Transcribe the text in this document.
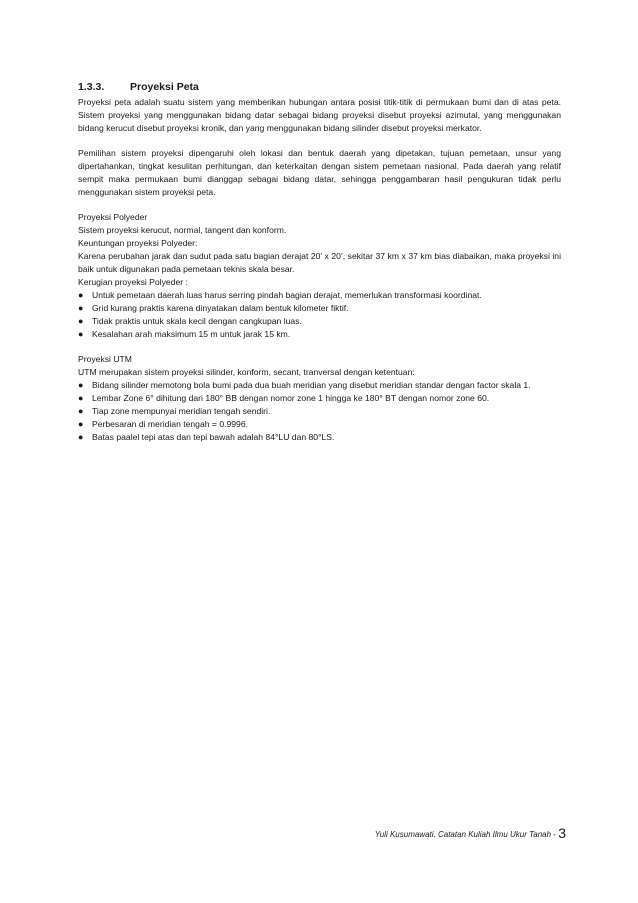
1.3.3. Proyeksi Peta

Proyeksi peta adalah suatu sistem yang memberikan hubungan antara posisi titik-titik di permukaan bumi dan di atas peta. Sistem proyeksi yang menggunakan bidang datar sebagai bidang proyeksi disebut proyeksi azimutal, yang menggunakan bidang kerucut disebut proyeksi kronik, dan yang menggunakan bidang silinder disebut proyeksi merkator.

Pemilihan sistem proyeksi dipengaruhi oleh lokasi dan bentuk daerah yang dipetakan, tujuan pemetaan, unsur yang dipertahankan, tingkat kesulitan perhitungan, dan keterkaitan dengan sistem pemetaan nasional. Pada daerah yang relatif sempit maka permukaan bumi dianggap sebagai bidang datar, sehingga penggambaran hasil pengukuran tidak perlu menggunakan sistem proyeksi peta.

Proyeksi Polyeder

Sistem proyeksi kerucut, normal, tangent dan konform.

Keuntungan proyeksi Polyeder:

Karena perubahan jarak dan sudut pada satu bagian derajat 20’ x 20’, sekitar 37 km x 37 km bias diabaikan, maka proyeksi ini baik untuk digunakan pada pemetaan teknis skala besar.

Kerugian proyeksi Polyeder :

● Untuk pemetaan daerah luas harus serring pindah bagian derajat, memerlukan transformasi koordinat.
● Grid kurang praktis karena dinyatakan dalam bentuk kilometer fiktif.
● Tidak praktis untuk skala kecil dengan cangkupan luas.
● Kesalahan arah maksimum 15 m untuk jarak 15 km.

Proyeksi UTM

UTM merupakan sistem proyeksi silinder, konform, secant, tranversal dengan ketentuan:

● Bidang silinder memotong bola bumi pada dua buah meridian yang disebut meridian standar dengan factor skala 1.
● Lembar Zone 6° dihitung dari 180° BB dengan nomor zone 1 hingga ke 180° BT dengan nomor zone 60.
● Tiap zone mempunyai meridian tengah sendiri.
● Perbesaran di meridian tengah = 0.9996.
● Batas paalel tepi atas dan tepi bawah adalah 84°LU dan 80°LS.
Yuli Kusumawati, Catatan Kuliah Ilmu Ukur Tanah - 3
